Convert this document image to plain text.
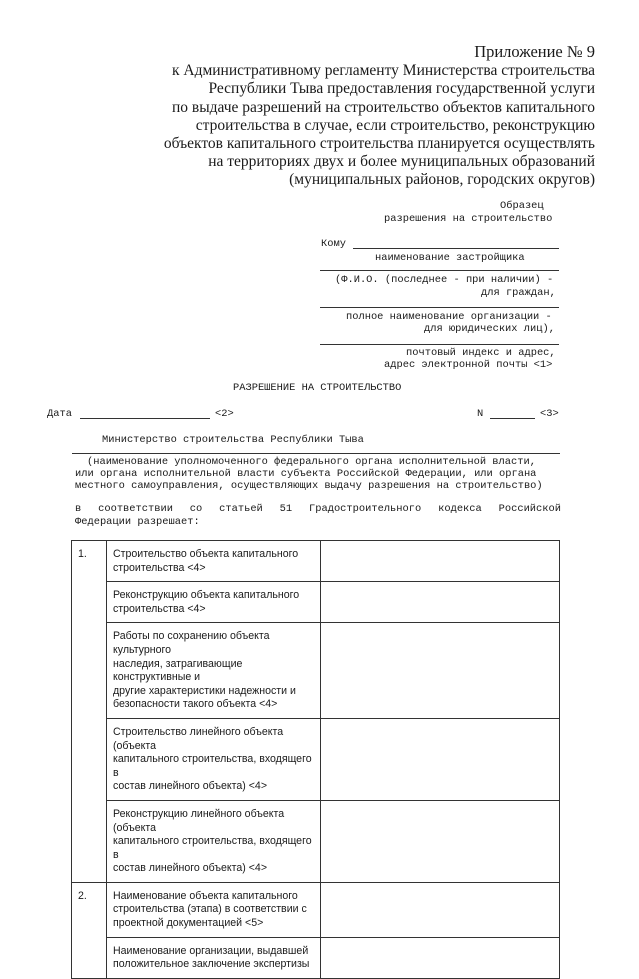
Приложение № 9
к Административному регламенту Министерства строительства
Республики Тыва предоставления государственной услуги
по выдаче разрешений на строительство объектов капитального
строительства в случае, если строительство, реконструкцию
объектов капитального строительства планируется осуществлять
на территориях двух и более муниципальных образований
(муниципальных районов, городских округов)
Образец
разрешения на строительство
Кому
наименование застройщика
(Ф.И.О. (последнее - при наличии) -
для граждан,
полное наименование организации -
для юридических лиц),
почтовый индекс и адрес,
адрес электронной почты <1>
РАЗРЕШЕНИЕ НА СТРОИТЕЛЬСТВО
Дата	<2>	N	<3>
Министерство строительства Республики Тыва
(наименование уполномоченного федерального органа исполнительной власти,
или органа исполнительной власти субъекта Российской Федерации, или органа
местного самоуправления, осуществляющих выдачу разрешения на строительство)
в соответствии со статьей 51 Градостроительного кодекса Российской
Федерации разрешает:
1.	Строительство объекта капитального
строительства <4>	

	Реконструкцию объекта капитального
строительства <4>	

	Работы по сохранению объекта культурного
наследия, затрагивающие конструктивные и
другие характеристики надежности и
безопасности такого объекта <4>	

	Строительство линейного объекта (объекта
капитального строительства, входящего в
состав линейного объекта) <4>	

	Реконструкцию линейного объекта (объекта
капитального строительства, входящего в
состав линейного объекта) <4>	

2.	Наименование объекта капитального
строительства (этапа) в соответствии с
проектной документацией <5>	

	Наименование организации, выдавшей
положительное заключение экспертизы	
